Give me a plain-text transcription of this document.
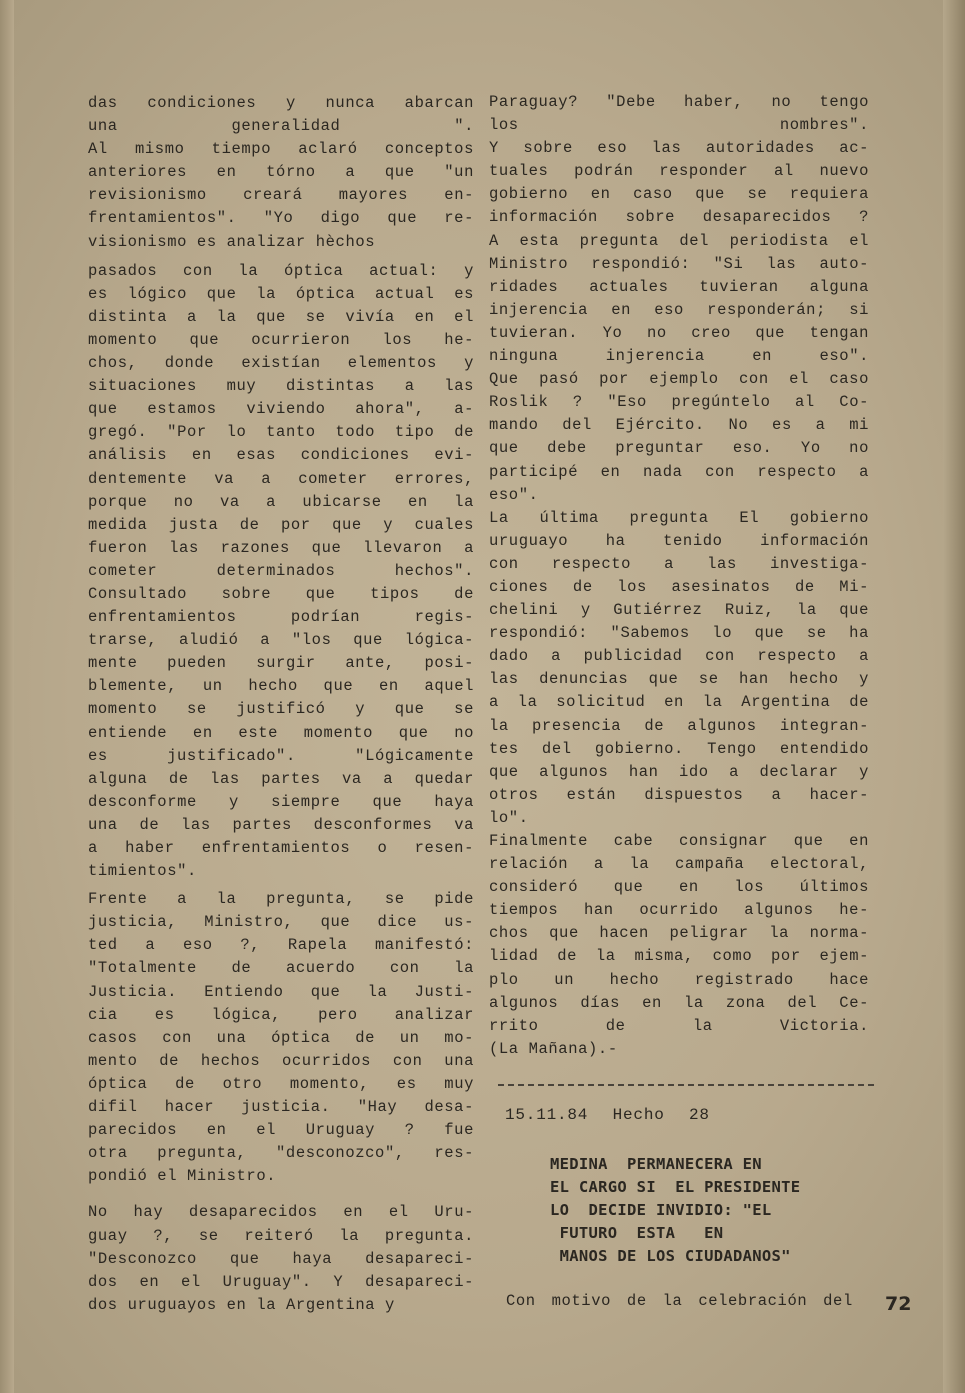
das condiciones y nunca abarcan
una generalidad ".
Al mismo tiempo aclaró conceptos
anteriores en tórno a que "un
revisionismo creará mayores en-
frentamientos". "Yo digo que re-
visionismo es analizar hèchos
pasados con la óptica actual: y
es lógico que la óptica actual es
distinta a la que se vivía en el
momento que ocurrieron los he-
chos, donde existían elementos y
situaciones muy distintas a las
que estamos viviendo ahora", a-
gregó. "Por lo tanto todo tipo de
análisis en esas condiciones evi-
dentemente va a cometer errores,
porque no va a ubicarse en la
medida justa de por que y cuales
fueron las razones que llevaron a
cometer determinados hechos".
Consultado sobre que tipos de
enfrentamientos podrían regis-
trarse, aludió a "los que lógica-
mente pueden surgir ante, posi-
blemente, un hecho que en aquel
momento se justificó y que se
entiende en este momento que no
es justificado". "Lógicamente
alguna de las partes va a quedar
desconforme y siempre que haya
una de las partes desconformes va
a haber enfrentamientos o resen-
timientos".
Frente a la pregunta, se pide
justicia, Ministro, que dice us-
ted a eso ?, Rapela manifestó:
"Totalmente de acuerdo con la
Justicia. Entiendo que la Justi-
cia es lógica, pero analizar
casos con una óptica de un mo-
mento de hechos ocurridos con una
óptica de otro momento, es muy
difil hacer justicia. "Hay desa-
parecidos en el Uruguay ? fue
otra pregunta, "desconozco", res-
pondió el Ministro.
No hay desaparecidos en el Uru-
guay ?, se reiteró la pregunta.
"Desconozco que haya desapareci-
dos en el Uruguay". Y desapareci-
dos uruguayos en la Argentina y
Paraguay? "Debe haber, no tengo
los nombres".
Y sobre eso las autoridades ac-
tuales podrán responder al nuevo
gobierno en caso que se requiera
información sobre desaparecidos ?
A esta pregunta del periodista el
Ministro respondió: "Si las auto-
ridades actuales tuvieran alguna
injerencia en eso responderán; si
tuvieran. Yo no creo que tengan
ninguna injerencia en eso".
Que pasó por ejemplo con el caso
Roslik ? "Eso pregúntelo al Co-
mando del Ejército. No es a mi
que debe preguntar eso. Yo no
participé en nada con respecto a
eso".
La última pregunta El gobierno
uruguayo ha tenido información
con respecto a las investiga-
ciones de los asesinatos de Mi-
chelini y Gutiérrez Ruiz, la que
respondió: "Sabemos lo que se ha
dado a publicidad con respecto a
las denuncias que se han hecho y
a la solicitud en la Argentina de
la presencia de algunos integran-
tes del gobierno. Tengo entendido
que algunos han ido a declarar y
otros están dispuestos a hacer-
lo".
Finalmente cabe consignar que en
relación a la campaña electoral,
consideró que en los últimos
tiempos han ocurrido algunos he-
chos que hacen peligrar la norma-
lidad de la misma, como por ejem-
plo un hecho registrado hace
algunos días en la zona del Ce-
rrito de la Victoria.
(La Mañana).-
15.11.84 Hecho 28
MEDINA  PERMANECERA EN
EL CARGO SI  EL PRESIDENTE
LO  DECIDE INVIDIO: "EL
FUTURO  ESTA   EN
MANOS DE LOS CIUDADANOS"
Con motivo de la celebración del 72
